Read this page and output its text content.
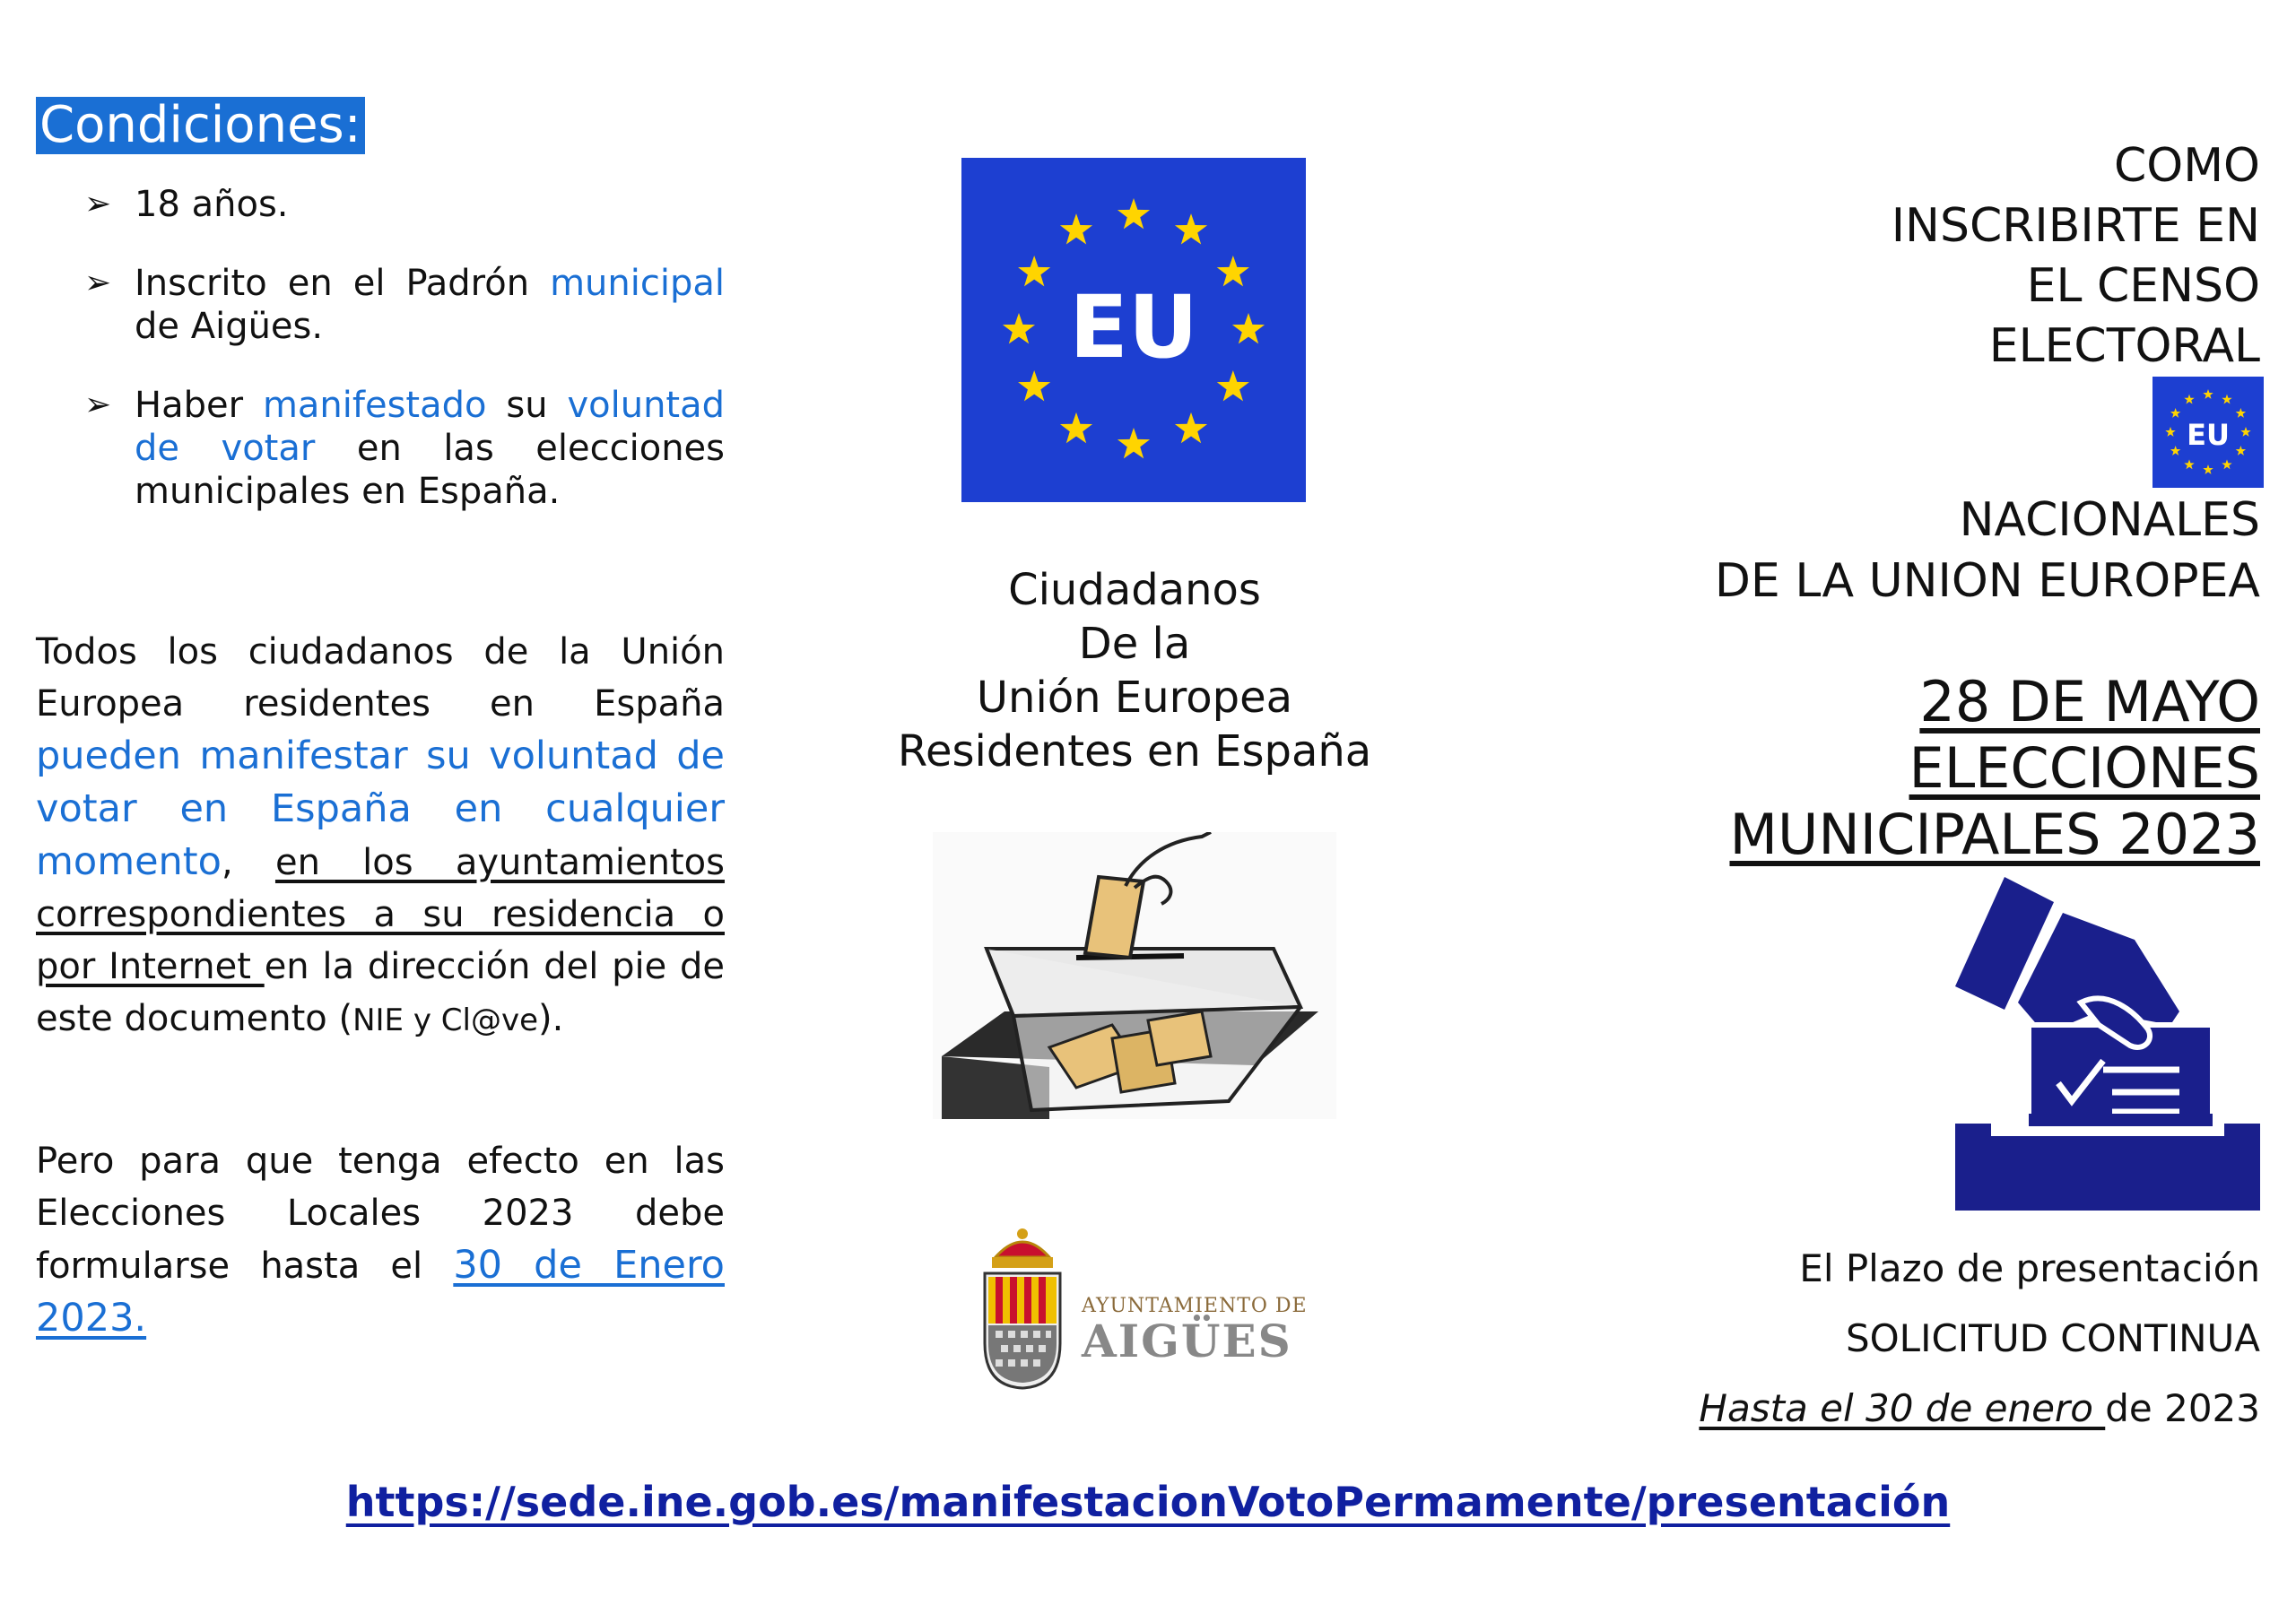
Condiciones:
➢ 18 años.
➢ Inscrito en el Padrón municipal de Aigües.
➢ Haber manifestado su voluntad de votar en las elecciones municipales en España.

Todos los ciudadanos de la Unión Europea residentes en España pueden manifestar su voluntad de votar en España en cualquier momento, en los ayuntamientos correspondientes a su residencia o por Internet en la dirección del pie de este documento (NIE y Cl@ve).

Pero para que tenga efecto en las Elecciones Locales 2023 debe formularse hasta el 30 de Enero 2023.

EU
Ciudadanos
De la
Unión Europea
Residentes en España
AYUNTAMIENTO DE
AIGÜES
COMO
INSCRIBIRTE EN
EL CENSO
ELECTORAL
EU
NACIONALES
DE LA UNION EUROPEA
28 DE MAYO
ELECCIONES
MUNICIPALES 2023
El Plazo de presentación
SOLICITUD CONTINUA
Hasta el 30 de enero de 2023
https://sede.ine.gob.es/manifestacionVotoPermamente/presentación
